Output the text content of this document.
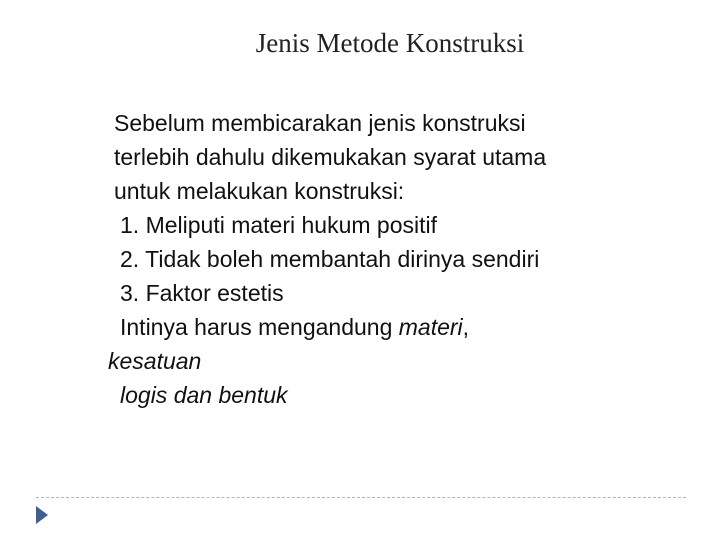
Jenis Metode Konstruksi
Sebelum membicarakan jenis konstruksi
terlebih dahulu dikemukakan syarat utama
untuk melakukan konstruksi:
1. Meliputi materi hukum positif
2. Tidak boleh membantah dirinya sendiri
3. Faktor estetis
Intinya harus mengandung materi,
kesatuan
logis dan bentuk
